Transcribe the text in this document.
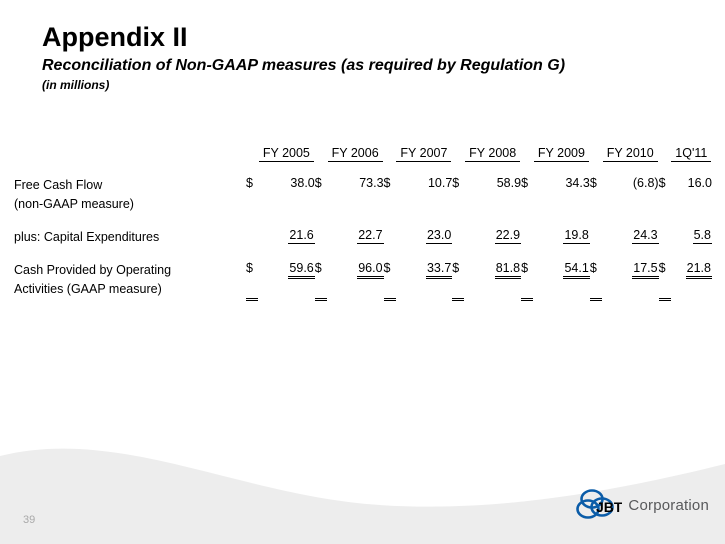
Appendix II
Reconciliation of Non-GAAP measures (as required by Regulation G)
(in millions)
		FY 2005		FY 2006		FY 2007		FY 2008		FY 2009		FY 2010		1Q'11

Free Cash Flow
(non-GAAP measure)	$	38.0	$	73.3	$	10.7	$	58.9	$	34.3	$	(6.8)	$	16.0

plus: Capital Expenditures		21.6		22.7		23.0		22.9		19.8		24.3		5.8

Cash Provided by Operating
Activities (GAAP measure)	$	59.6	$	96.0	$	33.7	$	81.8	$	54.1	$	17.5	$	21.8
39
JBT Corporation
